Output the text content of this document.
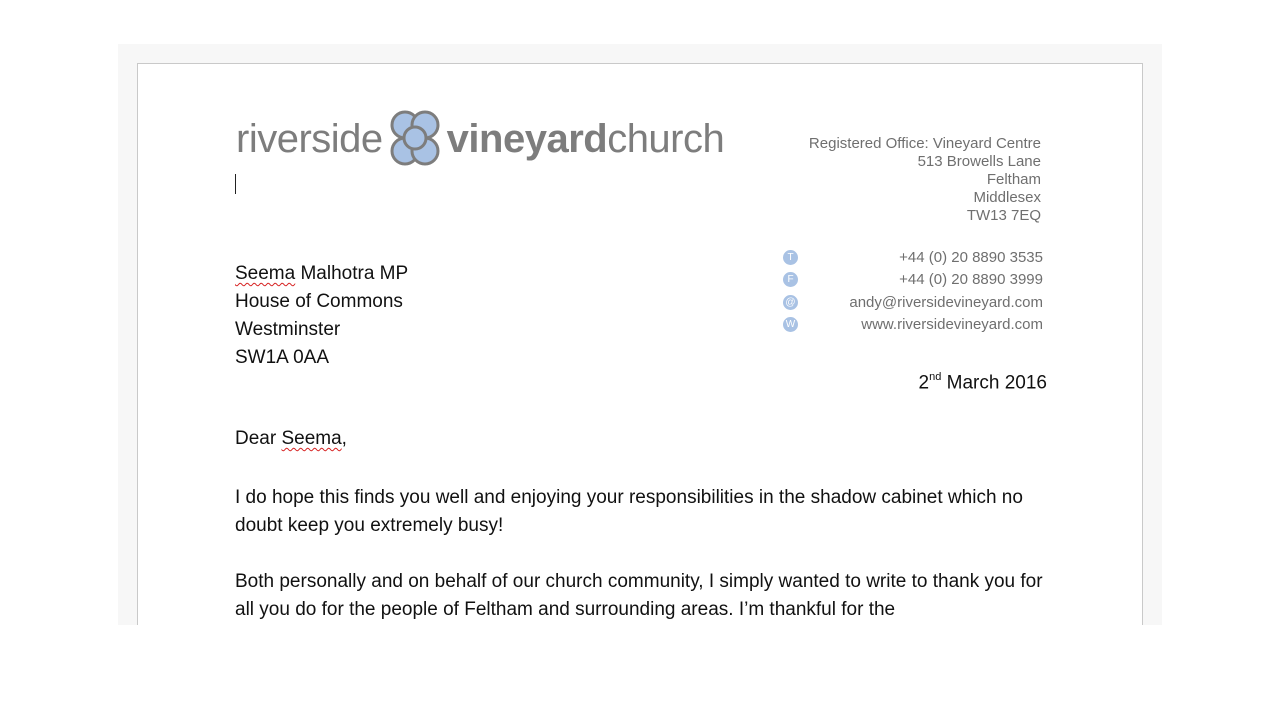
riverside vineyard church	Registered Office: Vineyard Centre
513 Browells Lane
Feltham
Middlesex
TW13 7EQ
T	+44 (0) 20 8890 3535
F	+44 (0) 20 8890 3999
@	andy@riversidevineyard.com
W	www.riversidevineyard.com
Seema Malhotra MP
House of Commons
Westminster
SW1A 0AA
2nd March 2016
Dear Seema,
I do hope this finds you well and enjoying your responsibilities in the shadow cabinet which no doubt keep you extremely busy!
Both personally and on behalf of our church community, I simply wanted to write to thank you for all you do for the people of Feltham and surrounding areas. I’m thankful for the
